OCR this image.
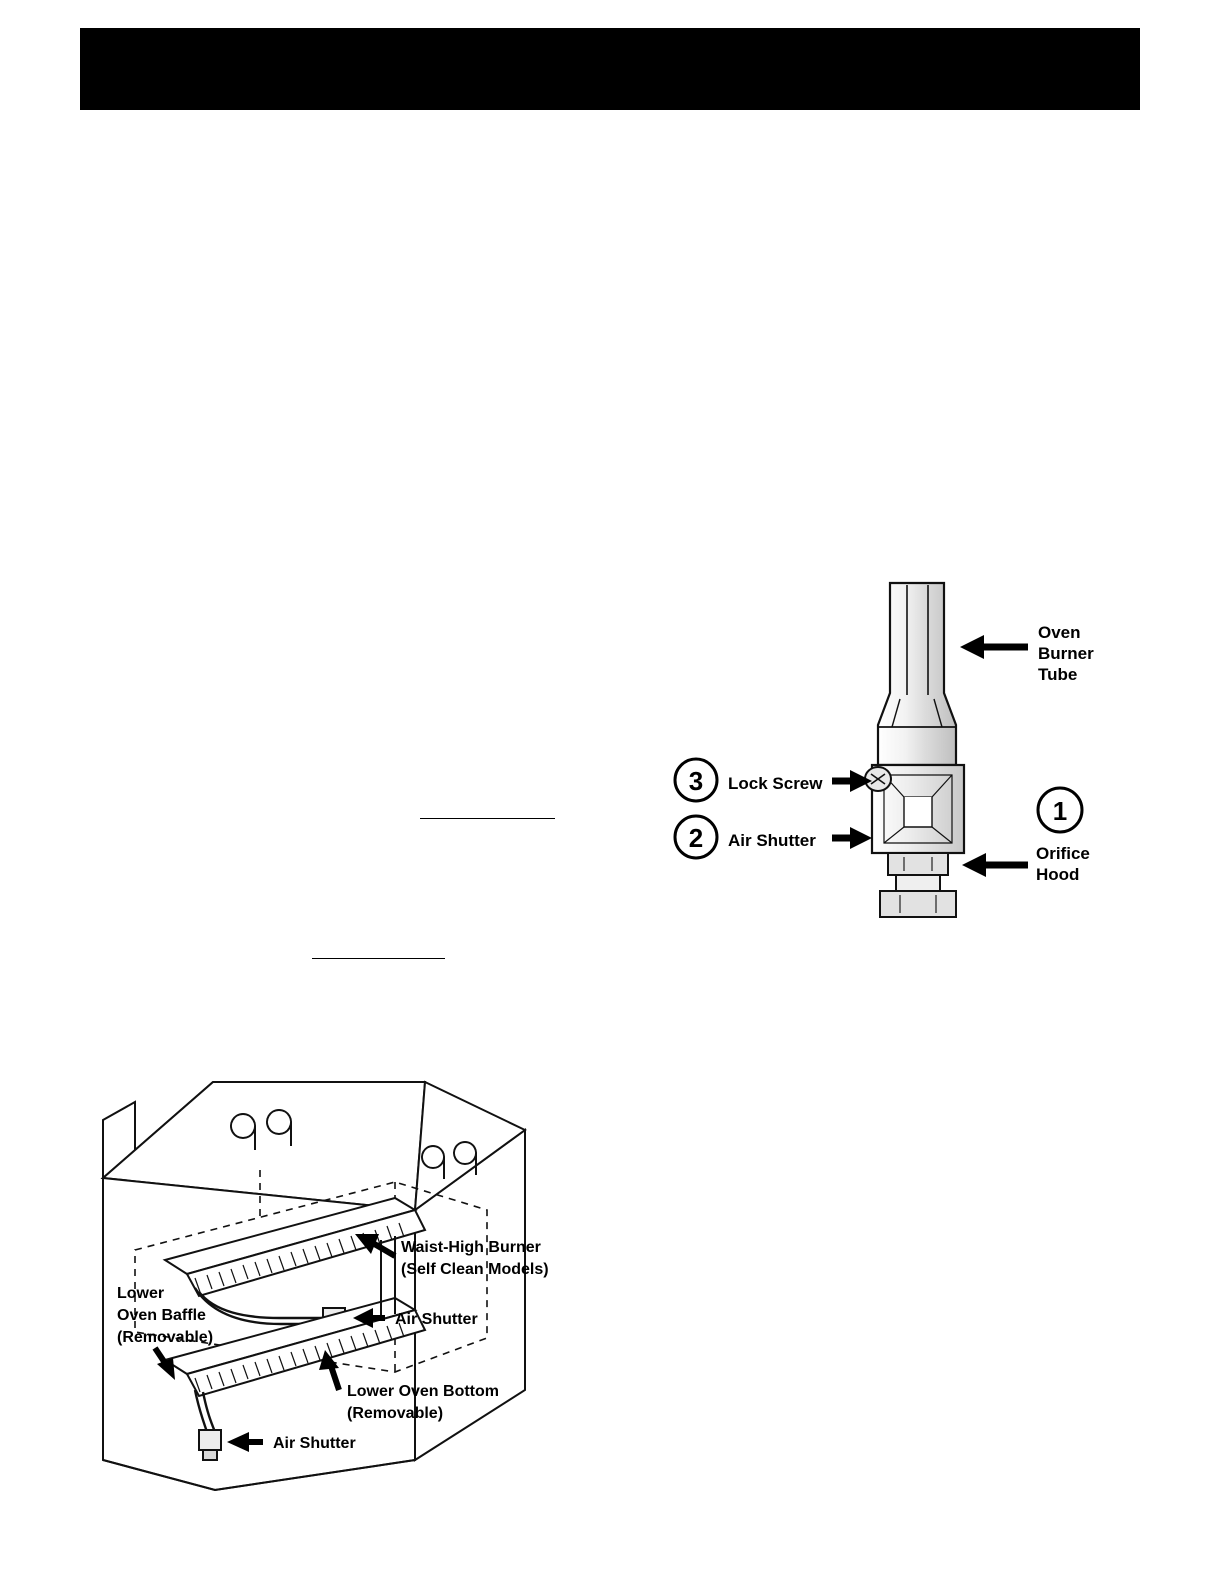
Oven
Burner
Tube
3 Lock Screw
2 Air Shutter
1
Orifice
Hood
Waist-High Burner
(Self Clean Models)
Air Shutter
Lower
Oven Baffle
(Removable)
Lower Oven Bottom
(Removable)
Air Shutter
